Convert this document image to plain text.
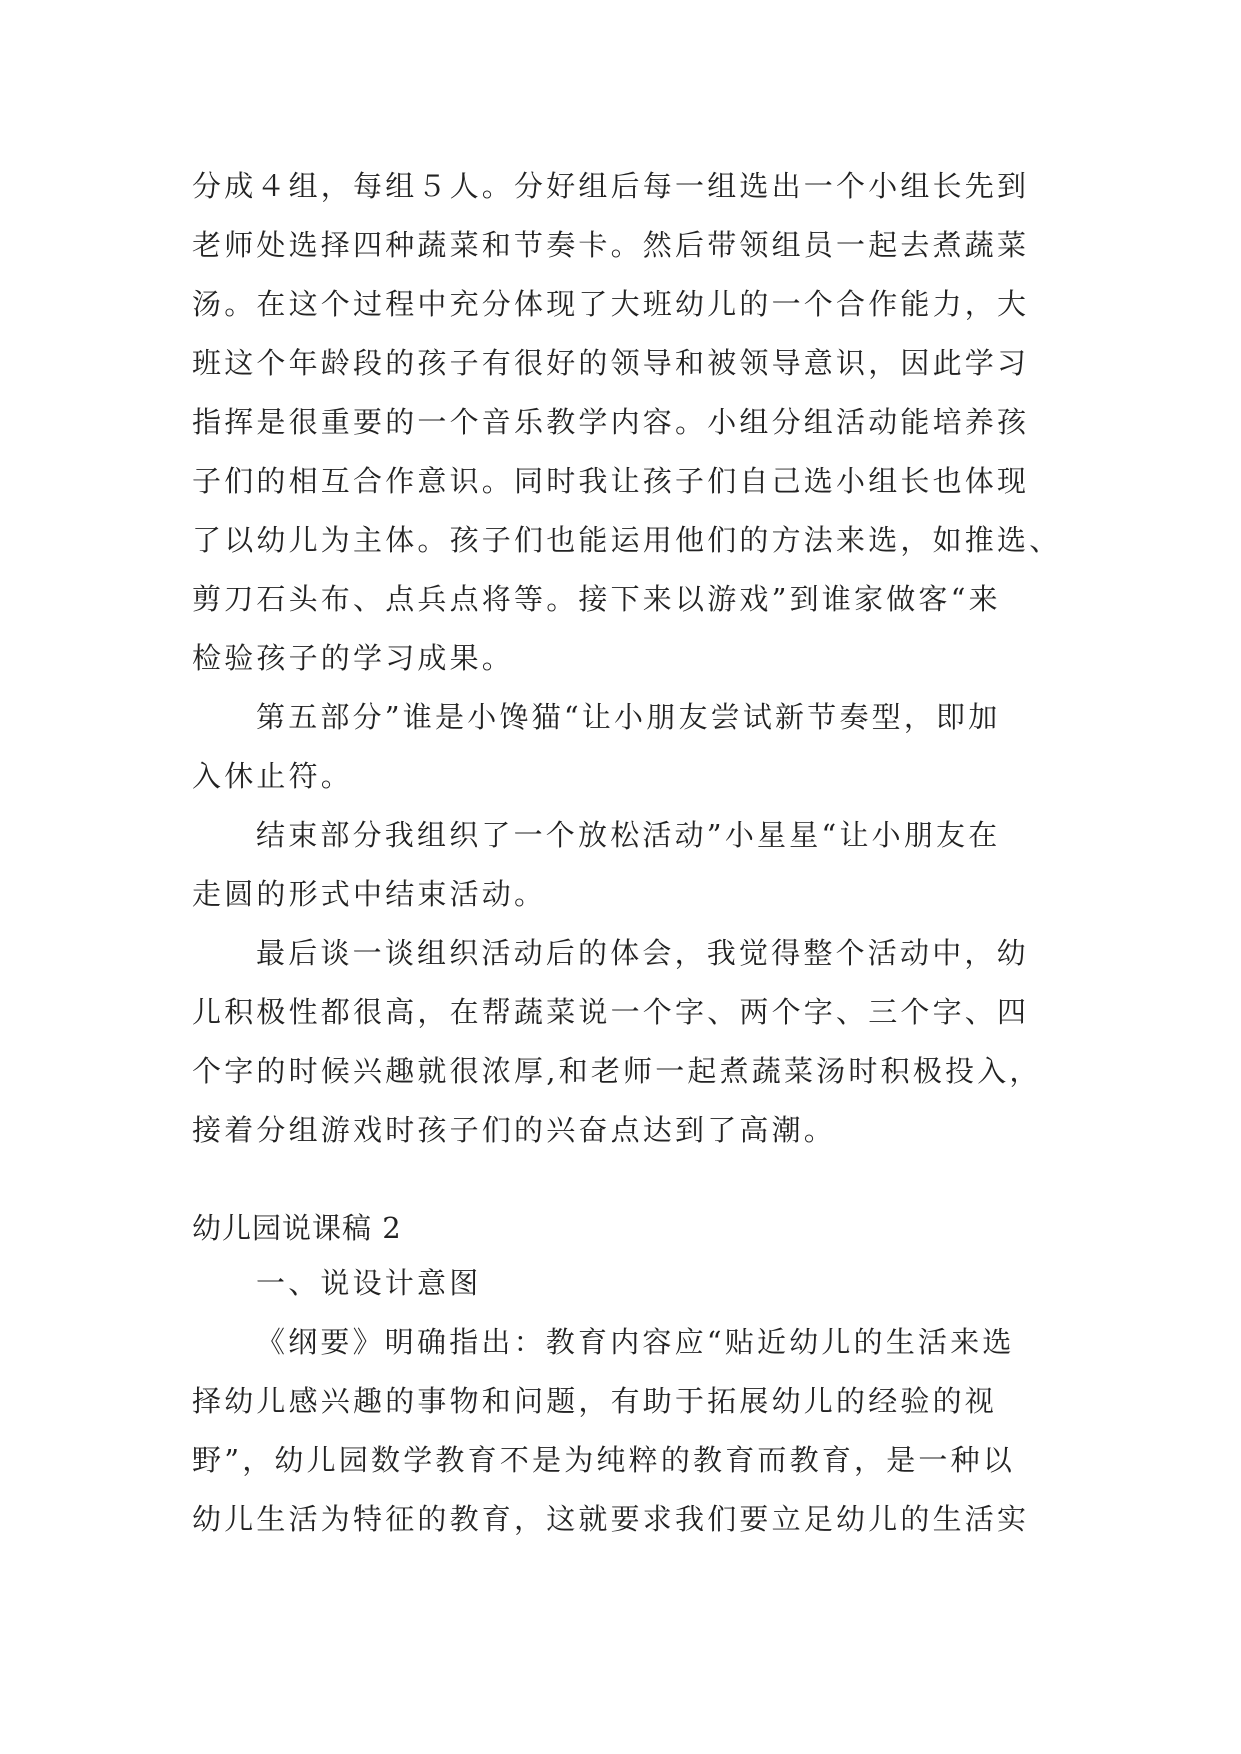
分成４组，每组５人。分好组后每一组选出一个小组长先到
老师处选择四种蔬菜和节奏卡。然后带领组员一起去煮蔬菜
汤。在这个过程中充分体现了大班幼儿的一个合作能力，大
班这个年龄段的孩子有很好的领导和被领导意识，因此学习
指挥是很重要的一个音乐教学内容。小组分组活动能培养孩
子们的相互合作意识。同时我让孩子们自己选小组长也体现
了以幼儿为主体。孩子们也能运用他们的方法来选，如推选、
剪刀石头布、点兵点将等。接下来以游戏”到谁家做客“来
检验孩子的学习成果。
第五部分”谁是小馋猫“让小朋友尝试新节奏型，即加
入休止符。
结束部分我组织了一个放松活动”小星星“让小朋友在
走圆的形式中结束活动。
最后谈一谈组织活动后的体会，我觉得整个活动中，幼
儿积极性都很高，在帮蔬菜说一个字、两个字、三个字、四
个字的时候兴趣就很浓厚,和老师一起煮蔬菜汤时积极投入，
接着分组游戏时孩子们的兴奋点达到了高潮。
幼儿园说课稿 2
一、说设计意图
《纲要》明确指出：教育内容应“贴近幼儿的生活来选
择幼儿感兴趣的事物和问题，有助于拓展幼儿的经验的视
野”，幼儿园数学教育不是为纯粹的教育而教育，是一种以
幼儿生活为特征的教育，这就要求我们要立足幼儿的生活实
